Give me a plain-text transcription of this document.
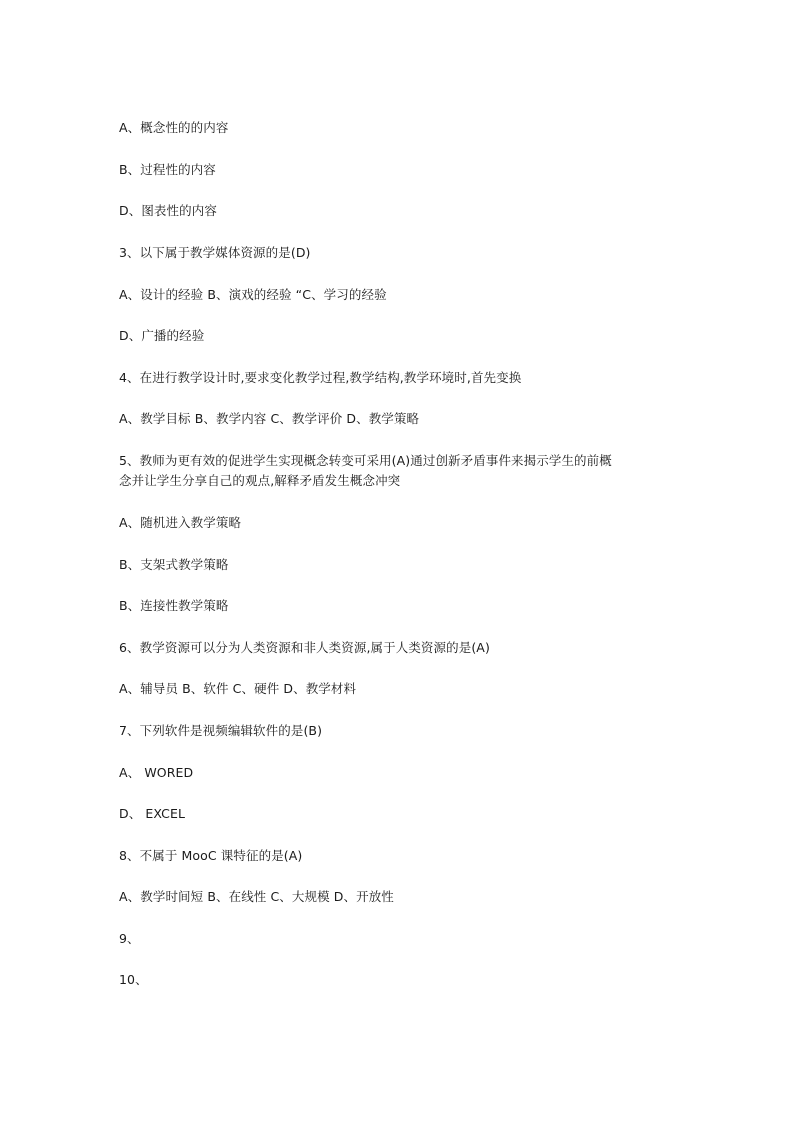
A、概念性的的内容
B、过程性的内容
D、图表性的内容
3、以下属于教学媒体资源的是(D)
A、设计的经验 B、演戏的经验 “C、学习的经验
D、广播的经验
4、在进行教学设计时,要求变化教学过程,教学结构,教学环境时,首先变换
A、教学目标 B、教学内容 C、教学评价 D、教学策略
5、教师为更有效的促进学生实现概念转变可采用(A)通过创新矛盾事件来揭示学生的前概
念并让学生分享自己的观点,解释矛盾发生概念冲突
A、随机进入教学策略
B、支架式教学策略
B、连接性教学策略
6、教学资源可以分为人类资源和非人类资源,属于人类资源的是(A)
A、辅导员 B、软件 C、硬件 D、教学材料
7、下列软件是视频编辑软件的是(B)
A、 WORED
D、 EXCEL
8、不属于 MooC 课特征的是(A)
A、教学时间短 B、在线性 C、大规模 D、开放性
9、
10、
